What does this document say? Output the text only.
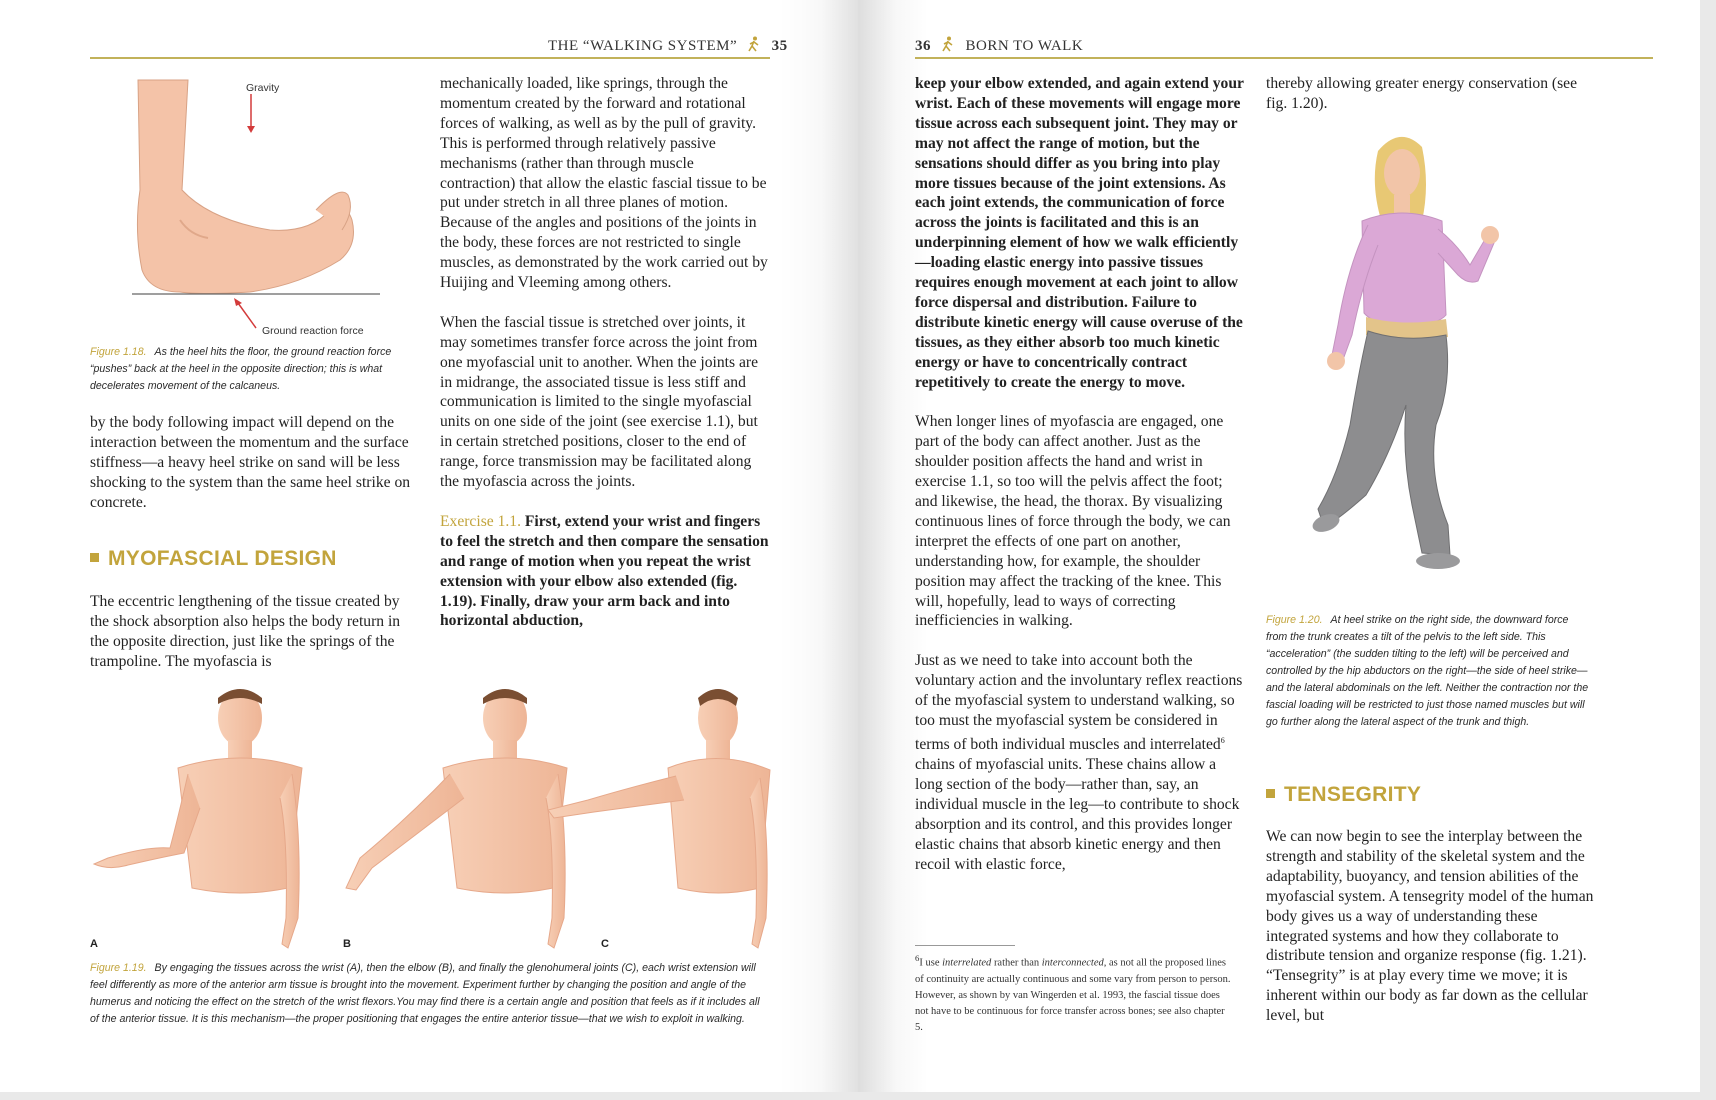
THE “WALKING SYSTEM” 35
Gravity
Ground reaction force
Figure 1.18. As the heel hits the floor, the ground reaction force “pushes” back at the heel in the opposite direction; this is what decelerates movement of the calcaneus.
by the body following impact will depend on the interaction between the momentum and the surface stiffness—a heavy heel strike on sand will be less shocking to the system than the same heel strike on concrete.
MYOFASCIAL DESIGN
The eccentric lengthening of the tissue created by the shock absorption also helps the body return in the opposite direction, just like the springs of the trampoline. The myofascia is

mechanically loaded, like springs, through the momentum created by the forward and rotational forces of walking, as well as by the pull of gravity. This is performed through relatively passive mechanisms (rather than through muscle contraction) that allow the elastic fascial tissue to be put under stretch in all three planes of motion. Because of the angles and positions of the joints in the body, these forces are not restricted to single muscles, as demonstrated by the work carried out by Huijing and Vleeming among others.

When the fascial tissue is stretched over joints, it may sometimes transfer force across the joint from one myofascial unit to another. When the joints are in midrange, the associated tissue is less stiff and communication is limited to the single myofascial units on one side of the joint (see exercise 1.1), but in certain stretched positions, closer to the end of range, force transmission may be facilitated along the myofascia across the joints.

Exercise 1.1. First, extend your wrist and fingers to feel the stretch and then compare the sensation and range of motion when you repeat the wrist extension with your elbow also extended (fig. 1.19). Finally, draw your arm back and into horizontal abduction,

A	B	C
Figure 1.19. By engaging the tissues across the wrist (A), then the elbow (B), and finally the glenohumeral joints (C), each wrist extension will feel differently as more of the anterior arm tissue is brought into the movement. Experiment further by changing the position and angle of the humerus and noticing the effect on the stretch of the wrist flexors.You may find there is a certain angle and position that feels as if it includes all of the anterior tissue. It is this mechanism—the proper positioning that engages the entire anterior tissue—that we wish to exploit in walking.
36 BORN TO WALK

keep your elbow extended, and again extend your wrist. Each of these movements will engage more tissue across each subsequent joint. They may or may not affect the range of motion, but the sensations should differ as you bring into play more tissues because of the joint extensions. As each joint extends, the communication of force across the joints is facilitated and this is an underpinning element of how we walk efficiently—loading elastic energy into passive tissues requires enough movement at each joint to allow force dispersal and distribution. Failure to distribute kinetic energy will cause overuse of the tissues, as they either absorb too much kinetic energy or have to concentrically contract repetitively to create the energy to move.

When longer lines of myofascia are engaged, one part of the body can affect another. Just as the shoulder position affects the hand and wrist in exercise 1.1, so too will the pelvis affect the foot; and likewise, the head, the thorax. By visualizing continuous lines of force through the body, we can interpret the effects of one part on another, understanding how, for example, the shoulder position may affect the tracking of the knee. This will, hopefully, lead to ways of correcting inefficiencies in walking.

Just as we need to take into account both the voluntary action and the involuntary reflex reactions of the myofascial system to understand walking, so too must the myofascial system be considered in terms of both individual muscles and interrelated$^6$ chains of myofascial units. These chains allow a long section of the body—rather than, say, an individual muscle in the leg—to contribute to shock absorption and its control, and this provides longer elastic chains that absorb kinetic energy and then recoil with elastic force,

$^6$I use interrelated rather than interconnected, as not all the proposed lines of continuity are actually continuous and some vary from person to person. However, as shown by van Wingerden et al. 1993, the fascial tissue does not have to be continuous for force transfer across bones; see also chapter 5.
thereby allowing greater energy conservation (see fig. 1.20).
Figure 1.20. At heel strike on the right side, the downward force from the trunk creates a tilt of the pelvis to the left side. This “acceleration” (the sudden tilting to the left) will be perceived and controlled by the hip abductors on the right—the side of heel strike—and the lateral abdominals on the left. Neither the contraction nor the fascial loading will be restricted to just those named muscles but will go further along the lateral aspect of the trunk and thigh.
TENSEGRITY
We can now begin to see the interplay between the strength and stability of the skeletal system and the adaptability, buoyancy, and tension abilities of the myofascial system. A tensegrity model of the human body gives us a way of understanding these integrated systems and how they collaborate to distribute tension and organize response (fig. 1.21). “Tensegrity” is at play every time we move; it is inherent within our body as far down as the cellular level, but
